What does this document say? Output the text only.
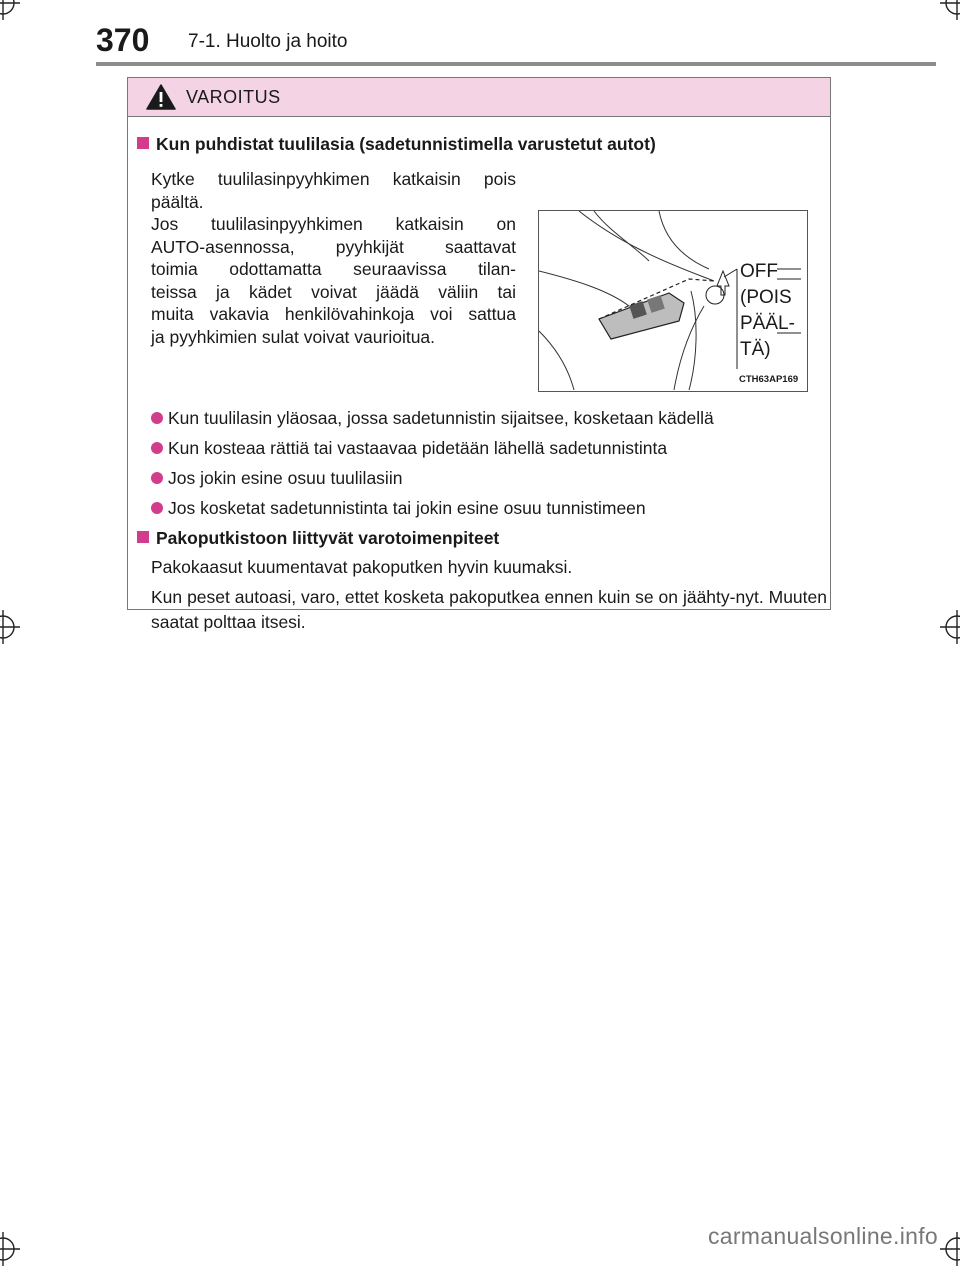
370 7-1. Huolto ja hoito
VAROITUS
Kun puhdistat tuulilasia (sadetunnistimella varustetut autot)
Kytke tuulilasinpyyhkimen katkaisin pois
päältä.
Jos tuulilasinpyyhkimen katkaisin on
AUTO-asennossa, pyyhkijät saattavat
toimia odottamatta seuraavissa tilan-
teissa ja kädet voivat jäädä väliin tai
muita vakavia henkilövahinkoja voi sattua
ja pyyhkimien sulat voivat vaurioitua.
OFF
(POIS
PÄÄL-
TÄ)
CTH63AP169
Kun tuulilasin yläosaa, jossa sadetunnistin sijaitsee, kosketaan kädellä
Kun kosteaa rättiä tai vastaavaa pidetään lähellä sadetunnistinta
Jos jokin esine osuu tuulilasiin
Jos kosketat sadetunnistinta tai jokin esine osuu tunnistimeen
Pakoputkistoon liittyvät varotoimenpiteet
Pakokaasut kuumentavat pakoputken hyvin kuumaksi.
Kun peset autoasi, varo, ettet kosketa pakoputkea ennen kuin se on jäähty-nyt. Muuten saatat polttaa itsesi.
carmanualsonline.info
